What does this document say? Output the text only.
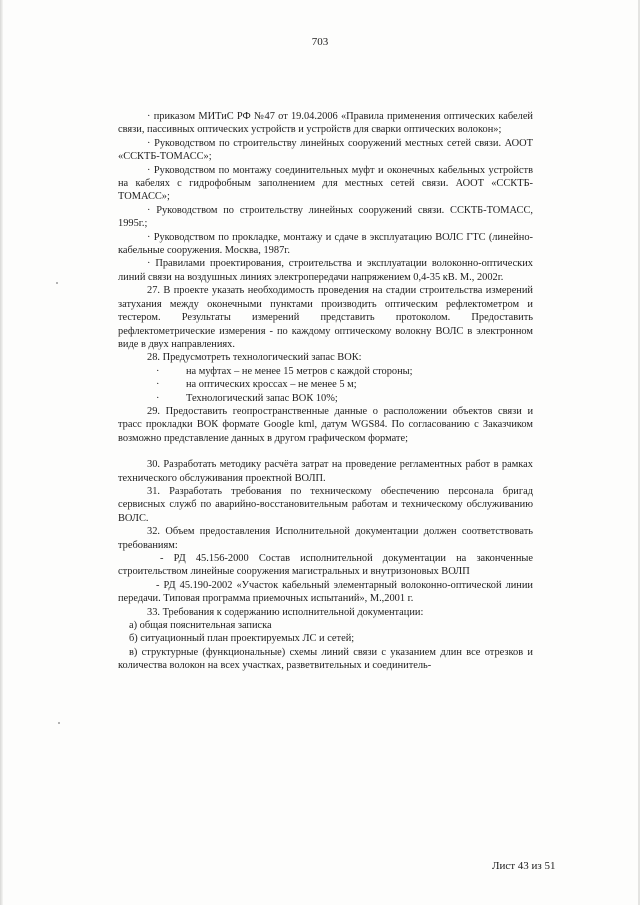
703

· приказом МИТиС РФ №47 от 19.04.2006 «Правила применения оптических кабелей связи, пассивных оптических устройств и устройств для сварки оптических волокон»;

· Руководством по строительству линейных сооружений местных сетей связи. АООТ «ССКТБ-ТОМАСС»;

· Руководством по монтажу соединительных муфт и оконечных кабельных устройств на кабелях с гидрофобным заполнением для местных сетей связи. АООТ «ССКТБ-ТОМАСС»;

· Руководством по строительству линейных сооружений связи. ССКТБ-ТОМАСС, 1995г.;

· Руководством по прокладке, монтажу и сдаче в эксплуатацию ВОЛС ГТС (линейно-кабельные сооружения. Москва, 1987г.

· Правилами проектирования, строительства и эксплуатации волоконно-оптических линий связи на воздушных линиях электропередачи напряжением 0,4-35 кВ. М., 2002г.

27. В проекте указать необходимость проведения на стадии строительства измерений затухания между оконечными пунктами производить оптическим рефлектометром и тестером. Результаты измерений представить протоколом. Предоставить рефлектометрические измерения - по каждому оптическому волокну ВОЛС в электронном виде в двух направлениях.

28. Предусмотреть технологический запас ВОК:

·	на муфтах – не менее 15 метров с каждой стороны;
·	на оптических кроссах – не менее 5 м;
·	Технологический запас ВОК 10%;

29. Предоставить геопространственные данные о расположении объектов связи и трасс прокладки ВОК формате Google kml, датум WGS84. По согласованию с Заказчиком возможно представление данных в другом графическом формате;

30. Разработать методику расчёта затрат на проведение регламентных работ в рамках технического обслуживания проектной ВОЛП.

31. Разработать требования по техническому обеспечению персонала бригад сервисных служб по аварийно-восстановительным работам и техническому обслуживанию ВОЛС.

32. Объем предоставления Исполнительной документации должен соответствовать требованиям:

- РД 45.156-2000 Состав исполнительной документации на законченные строительством линейные сооружения магистральных и внутризоновых ВОЛП

- РД 45.190-2002 «Участок кабельный элементарный волоконно-оптической линии передачи. Типовая программа приемочных испытаний», М.,2001 г.

33. Требования к содержанию исполнительной документации:

а) общая пояснительная записка

б) ситуационный план проектируемых ЛС и сетей;

в) структурные (функциональные) схемы линий связи с указанием длин все отрезков и количества волокон на всех участках, разветвительных и соединитель-

Лист 43 из 51
